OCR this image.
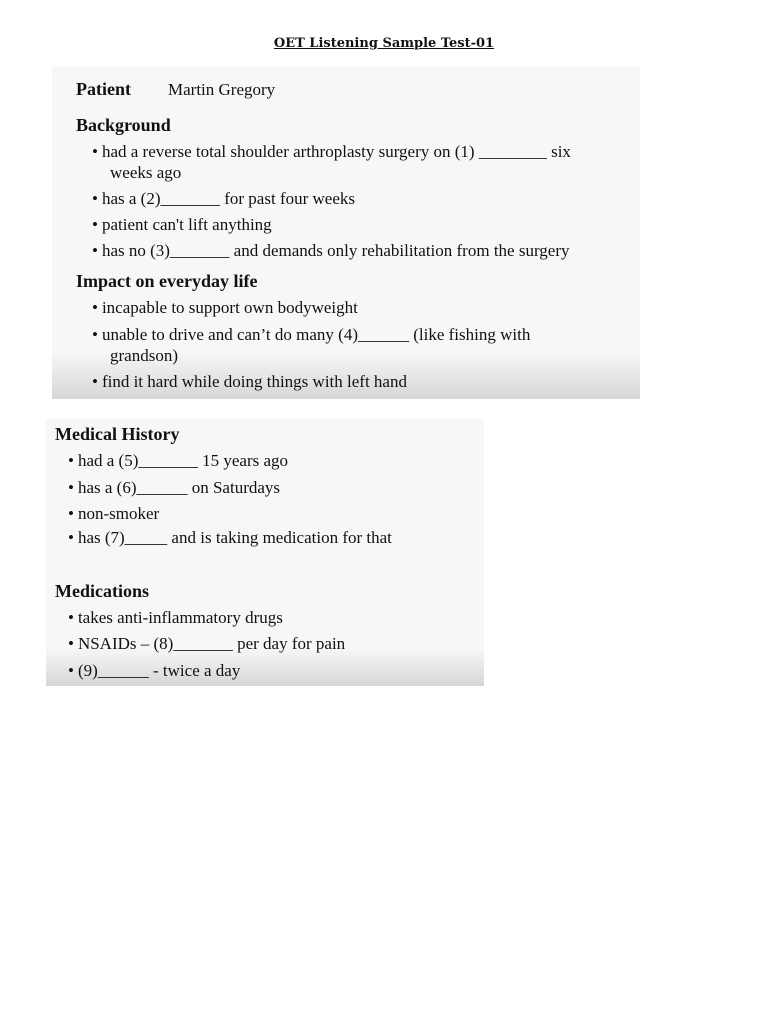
OET Listening Sample Test-01
Patient Martin Gregory
Background
• had a reverse total shoulder arthroplasty surgery on (1) ________ six
weeks ago
• has a (2)_______ for past four weeks
• patient can't lift anything
• has no (3)_______ and demands only rehabilitation from the surgery
Impact on everyday life
• incapable to support own bodyweight
• unable to drive and can’t do many (4)______ (like fishing with
grandson)
• find it hard while doing things with left hand
Medical History
• had a (5)_______ 15 years ago
• has a (6)______ on Saturdays
• non-smoker
• has (7)_____ and is taking medication for that
Medications
• takes anti-inflammatory drugs
• NSAIDs – (8)_______ per day for pain
• (9)______ - twice a day
